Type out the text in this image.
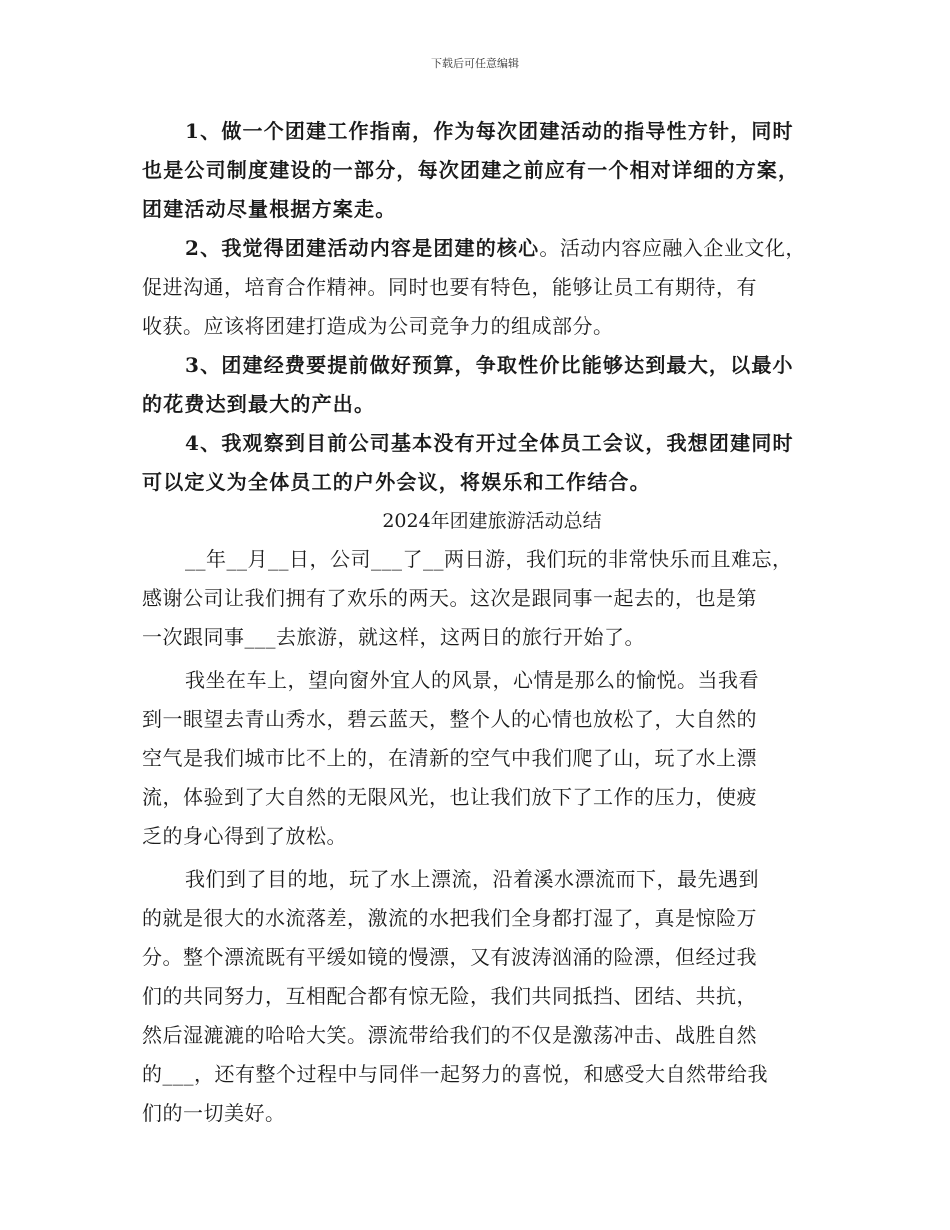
下载后可任意编辑
1、做一个团建工作指南，作为每次团建活动的指导性方针，同时
也是公司制度建设的一部分，每次团建之前应有一个相对详细的方案，
团建活动尽量根据方案走。
2、我觉得团建活动内容是团建的核心。活动内容应融入企业文化，
促进沟通，培育合作精神。同时也要有特色，能够让员工有期待，有
收获。应该将团建打造成为公司竞争力的组成部分。
3、团建经费要提前做好预算，争取性价比能够达到最大，以最小
的花费达到最大的产出。
4、我观察到目前公司基本没有开过全体员工会议，我想团建同时
可以定义为全体员工的户外会议，将娱乐和工作结合。
2024年团建旅游活动总结
__年__月__日，公司___了__两日游，我们玩的非常快乐而且难忘，
感谢公司让我们拥有了欢乐的两天。这次是跟同事一起去的，也是第
一次跟同事___去旅游，就这样，这两日的旅行开始了。
我坐在车上，望向窗外宜人的风景，心情是那么的愉悦。当我看
到一眼望去青山秀水，碧云蓝天，整个人的心情也放松了，大自然的
空气是我们城市比不上的，在清新的空气中我们爬了山，玩了水上漂
流，体验到了大自然的无限风光，也让我们放下了工作的压力，使疲
乏的身心得到了放松。
我们到了目的地，玩了水上漂流，沿着溪水漂流而下，最先遇到
的就是很大的水流落差，激流的水把我们全身都打湿了，真是惊险万
分。整个漂流既有平缓如镜的慢漂，又有波涛汹涌的险漂，但经过我
们的共同努力，互相配合都有惊无险，我们共同抵挡、团结、共抗，
然后湿漉漉的哈哈大笑。漂流带给我们的不仅是激荡冲击、战胜自然
的___，还有整个过程中与同伴一起努力的喜悦，和感受大自然带给我
们的一切美好。
